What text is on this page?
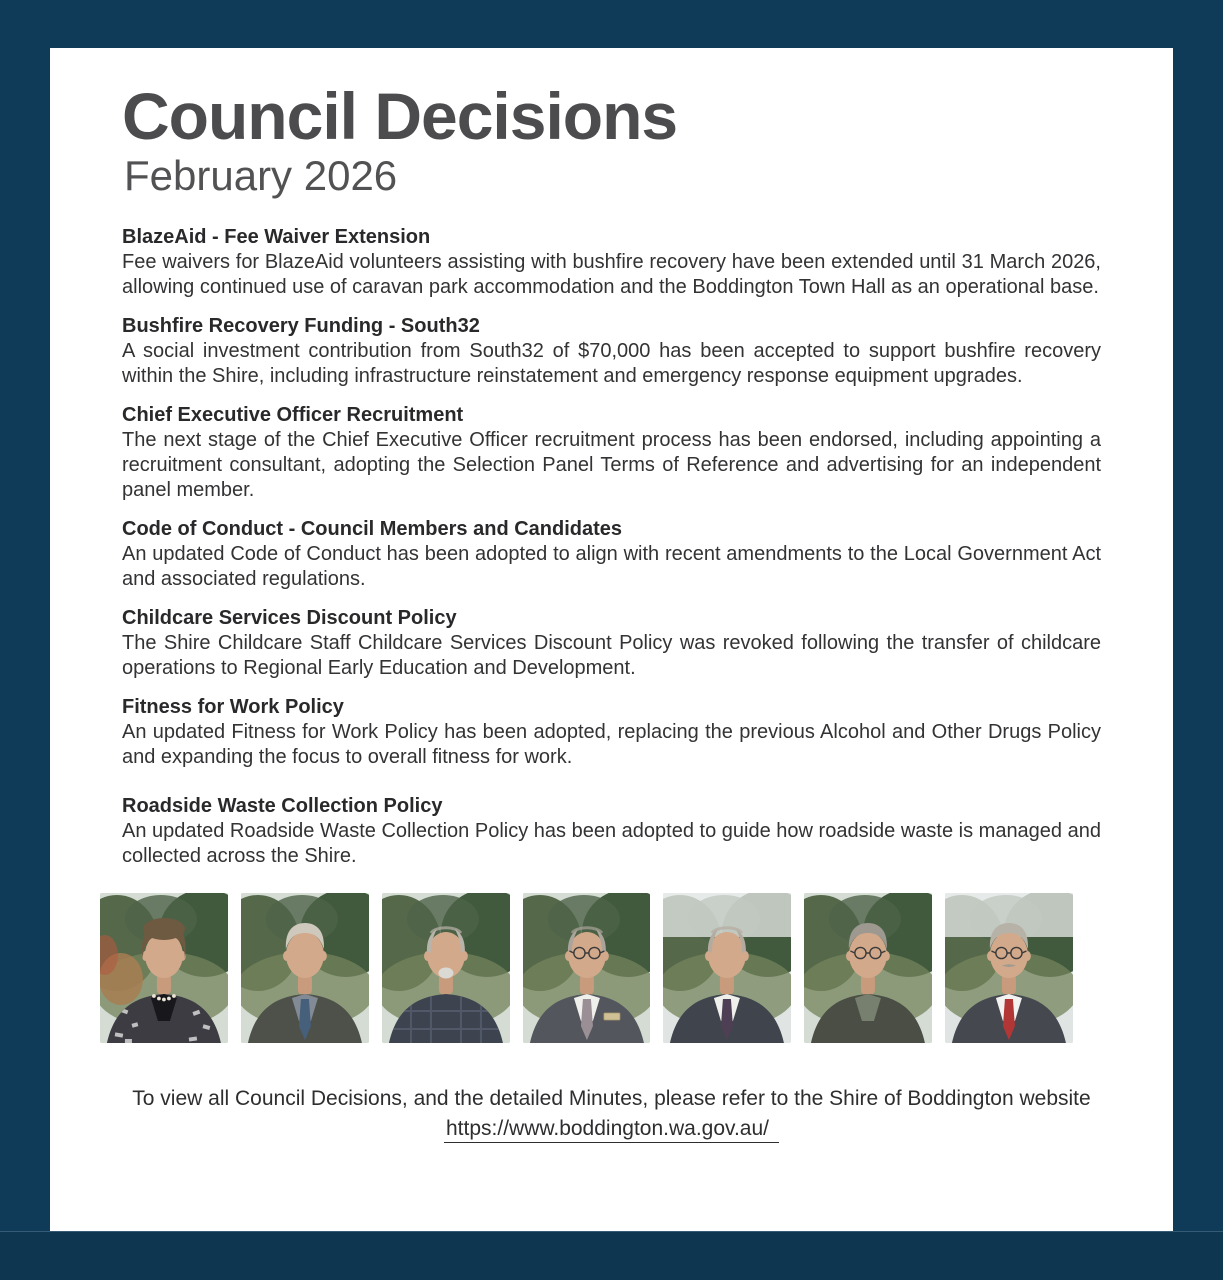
Council Decisions
February 2026
BlazeAid - Fee Waiver Extension

Fee waivers for BlazeAid volunteers assisting with bushfire recovery have been extended until 31 March 2026, allowing continued use of caravan park accommodation and the Boddington Town Hall as an operational base.

Bushfire Recovery Funding - South32

A social investment contribution from South32 of $70,000 has been accepted to support bushfire recovery within the Shire, including infrastructure reinstatement and emergency response equipment upgrades.

Chief Executive Officer Recruitment

The next stage of the Chief Executive Officer recruitment process has been endorsed, including appointing a recruitment consultant, adopting the Selection Panel Terms of Reference and advertising for an independent panel member.

Code of Conduct - Council Members and Candidates

An updated Code of Conduct has been adopted to align with recent amendments to the Local Government Act and associated regulations.

Childcare Services Discount Policy

The Shire Childcare Staff Childcare Services Discount Policy was revoked following the transfer of childcare operations to Regional Early Education and Development.

Fitness for Work Policy

An updated Fitness for Work Policy has been adopted, replacing the previous Alcohol and Other Drugs Policy and expanding the focus to overall fitness for work.

Roadside Waste Collection Policy

An updated Roadside Waste Collection Policy has been adopted to guide how roadside waste is managed and collected across the Shire.

To view all Council Decisions, and the detailed Minutes, please refer to the Shire of Boddington website

https://www.boddington.wa.gov.au/
